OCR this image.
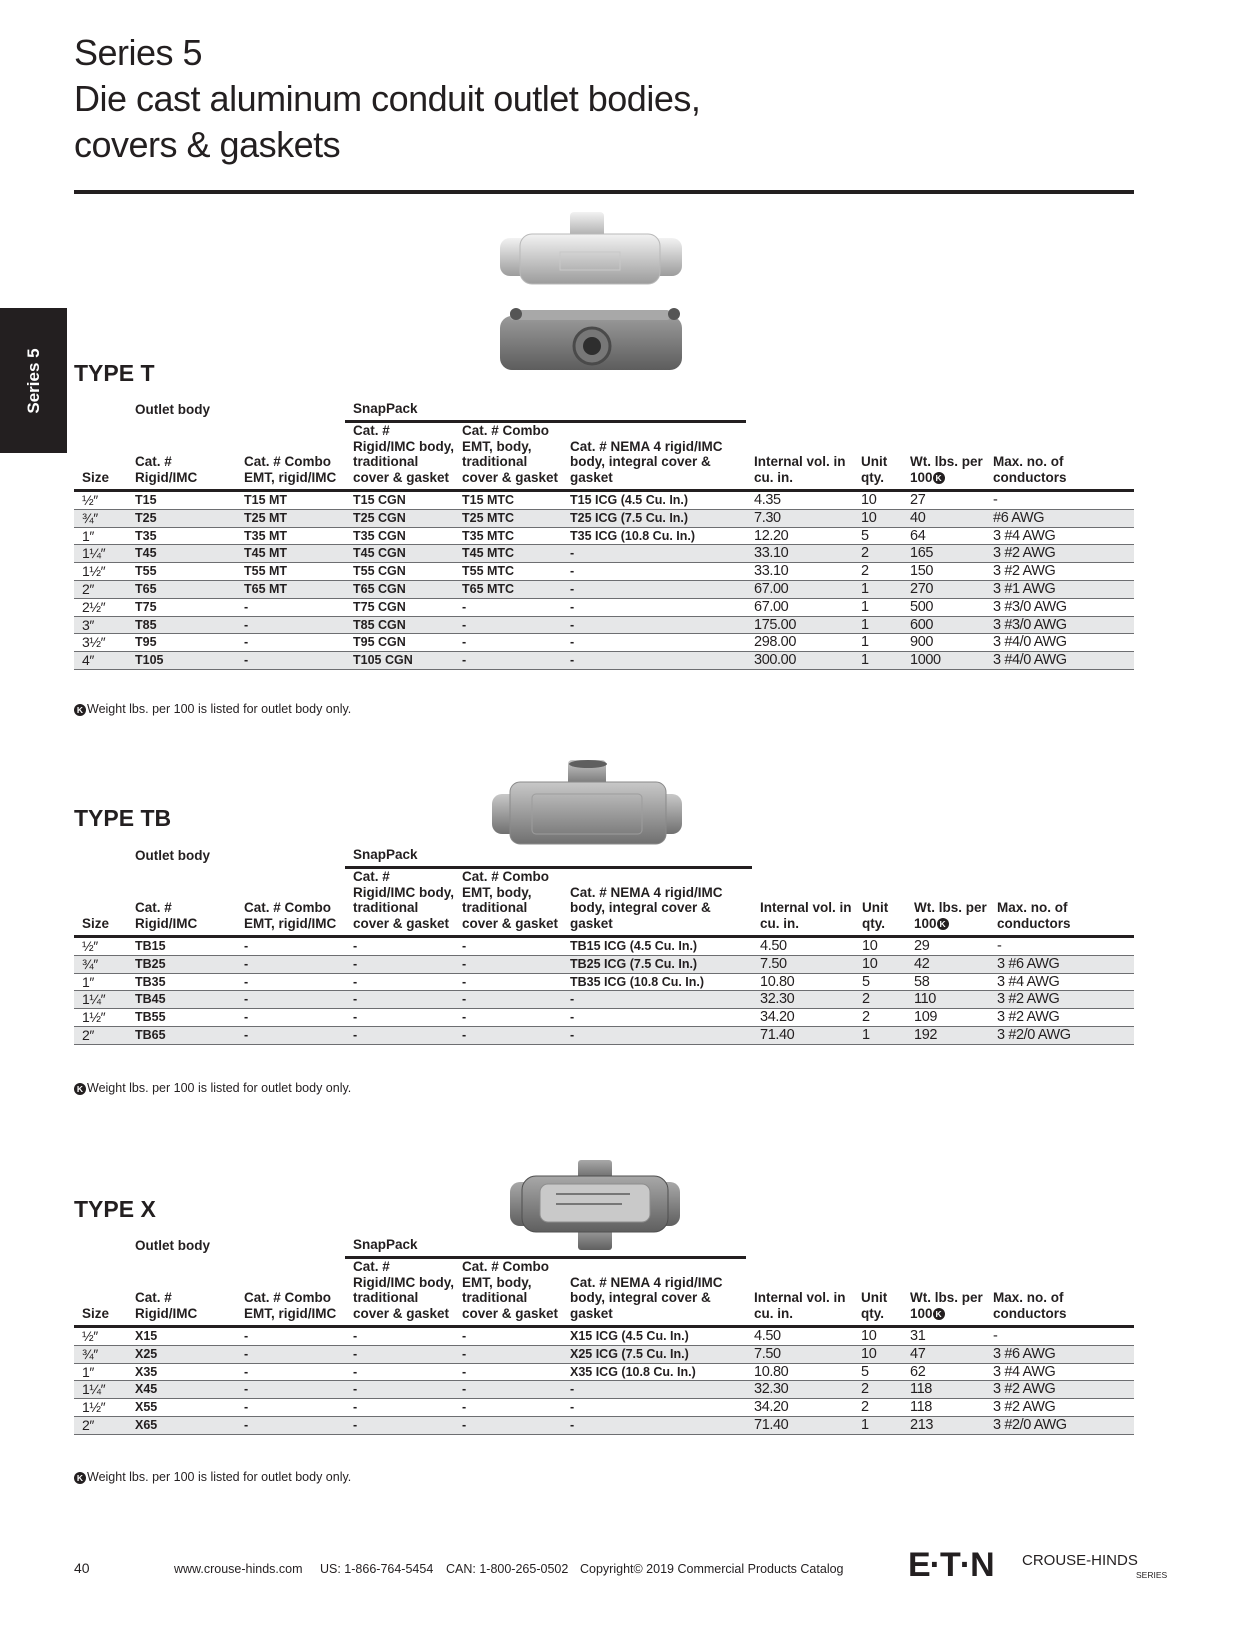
Series 5
Die cast aluminum conduit outlet bodies,
covers & gaskets
Series 5 TYPE T
	Outlet body		SnapPack						
Size	Cat. # Rigid/IMC	Cat. # Combo EMT, rigid/IMC	Cat. # Rigid/IMC body, traditional cover & gasket	Cat. # Combo EMT, body, traditional cover & gasket	Cat. # NEMA 4 rigid/IMC body, integral cover & gasket	Internal vol. in cu. in.	Unit qty.	Wt. lbs. per 100 K	Max. no. of conductors
½″	T15	T15 MT	T15 CGN	T15 MTC	T15 ICG (4.5 Cu. In.)	4.35	10	27	-
¾″	T25	T25 MT	T25 CGN	T25 MTC	T25 ICG (7.5 Cu. In.)	7.30	10	40	#6 AWG
1″	T35	T35 MT	T35 CGN	T35 MTC	T35 ICG (10.8 Cu. In.)	12.20	5	64	3 #4 AWG
1¼″	T45	T45 MT	T45 CGN	T45 MTC	-	33.10	2	165	3 #2 AWG
1½″	T55	T55 MT	T55 CGN	T55 MTC	-	33.10	2	150	3 #2 AWG
2″	T65	T65 MT	T65 CGN	T65 MTC	-	67.00	1	270	3 #1 AWG
2½″	T75	-	T75 CGN	-	-	67.00	1	500	3 #3/0 AWG
3″	T85	-	T85 CGN	-	-	175.00	1	600	3 #3/0 AWG
3½″	T95	-	T95 CGN	-	-	298.00	1	900	3 #4/0 AWG
4″	T105	-	T105 CGN	-	-	300.00	1	1000	3 #4/0 AWG
K Weight lbs. per 100 is listed for outlet body only.
TYPE TB
	Outlet body		SnapPack						
Size	Cat. # Rigid/IMC	Cat. # Combo EMT, rigid/IMC	Cat. # Rigid/IMC body, traditional cover & gasket	Cat. # Combo EMT, body, traditional cover & gasket	Cat. # NEMA 4 rigid/IMC body, integral cover & gasket	Internal vol. in cu. in.	Unit qty.	Wt. lbs. per 100 K	Max. no. of conductors
½″	TB15	-	-	-	TB15 ICG (4.5 Cu. In.)	4.50	10	29	-
¾″	TB25	-	-	-	TB25 ICG (7.5 Cu. In.)	7.50	10	42	3 #6 AWG
1″	TB35	-	-	-	TB35 ICG (10.8 Cu. In.)	10.80	5	58	3 #4 AWG
1¼″	TB45	-	-	-	-	32.30	2	110	3 #2 AWG
1½″	TB55	-	-	-	-	34.20	2	109	3 #2 AWG
2″	TB65	-	-	-	-	71.40	1	192	3 #2/0 AWG
K Weight lbs. per 100 is listed for outlet body only.
TYPE X
	Outlet body		SnapPack						
Size	Cat. # Rigid/IMC	Cat. # Combo EMT, rigid/IMC	Cat. # Rigid/IMC body, traditional cover & gasket	Cat. # Combo EMT, body, traditional cover & gasket	Cat. # NEMA 4 rigid/IMC body, integral cover & gasket	Internal vol. in cu. in.	Unit qty.	Wt. lbs. per 100 K	Max. no. of conductors
½″	X15	-	-	-	X15 ICG (4.5 Cu. In.)	4.50	10	31	-
¾″	X25	-	-	-	X25 ICG (7.5 Cu. In.)	7.50	10	47	3 #6 AWG
1″	X35	-	-	-	X35 ICG (10.8 Cu. In.)	10.80	5	62	3 #4 AWG
1¼″	X45	-	-	-	-	32.30	2	118	3 #2 AWG
1½″	X55	-	-	-	-	34.20	2	118	3 #2 AWG
2″	X65	-	-	-	-	71.40	1	213	3 #2/0 AWG
K Weight lbs. per 100 is listed for outlet body only.
40	www.crouse-hinds.com US: 1-866-764-5454 CAN: 1-800-265-0502 Copyright© 2019 Commercial Products Catalog E·T·N CROUSE-HINDS
SERIES
